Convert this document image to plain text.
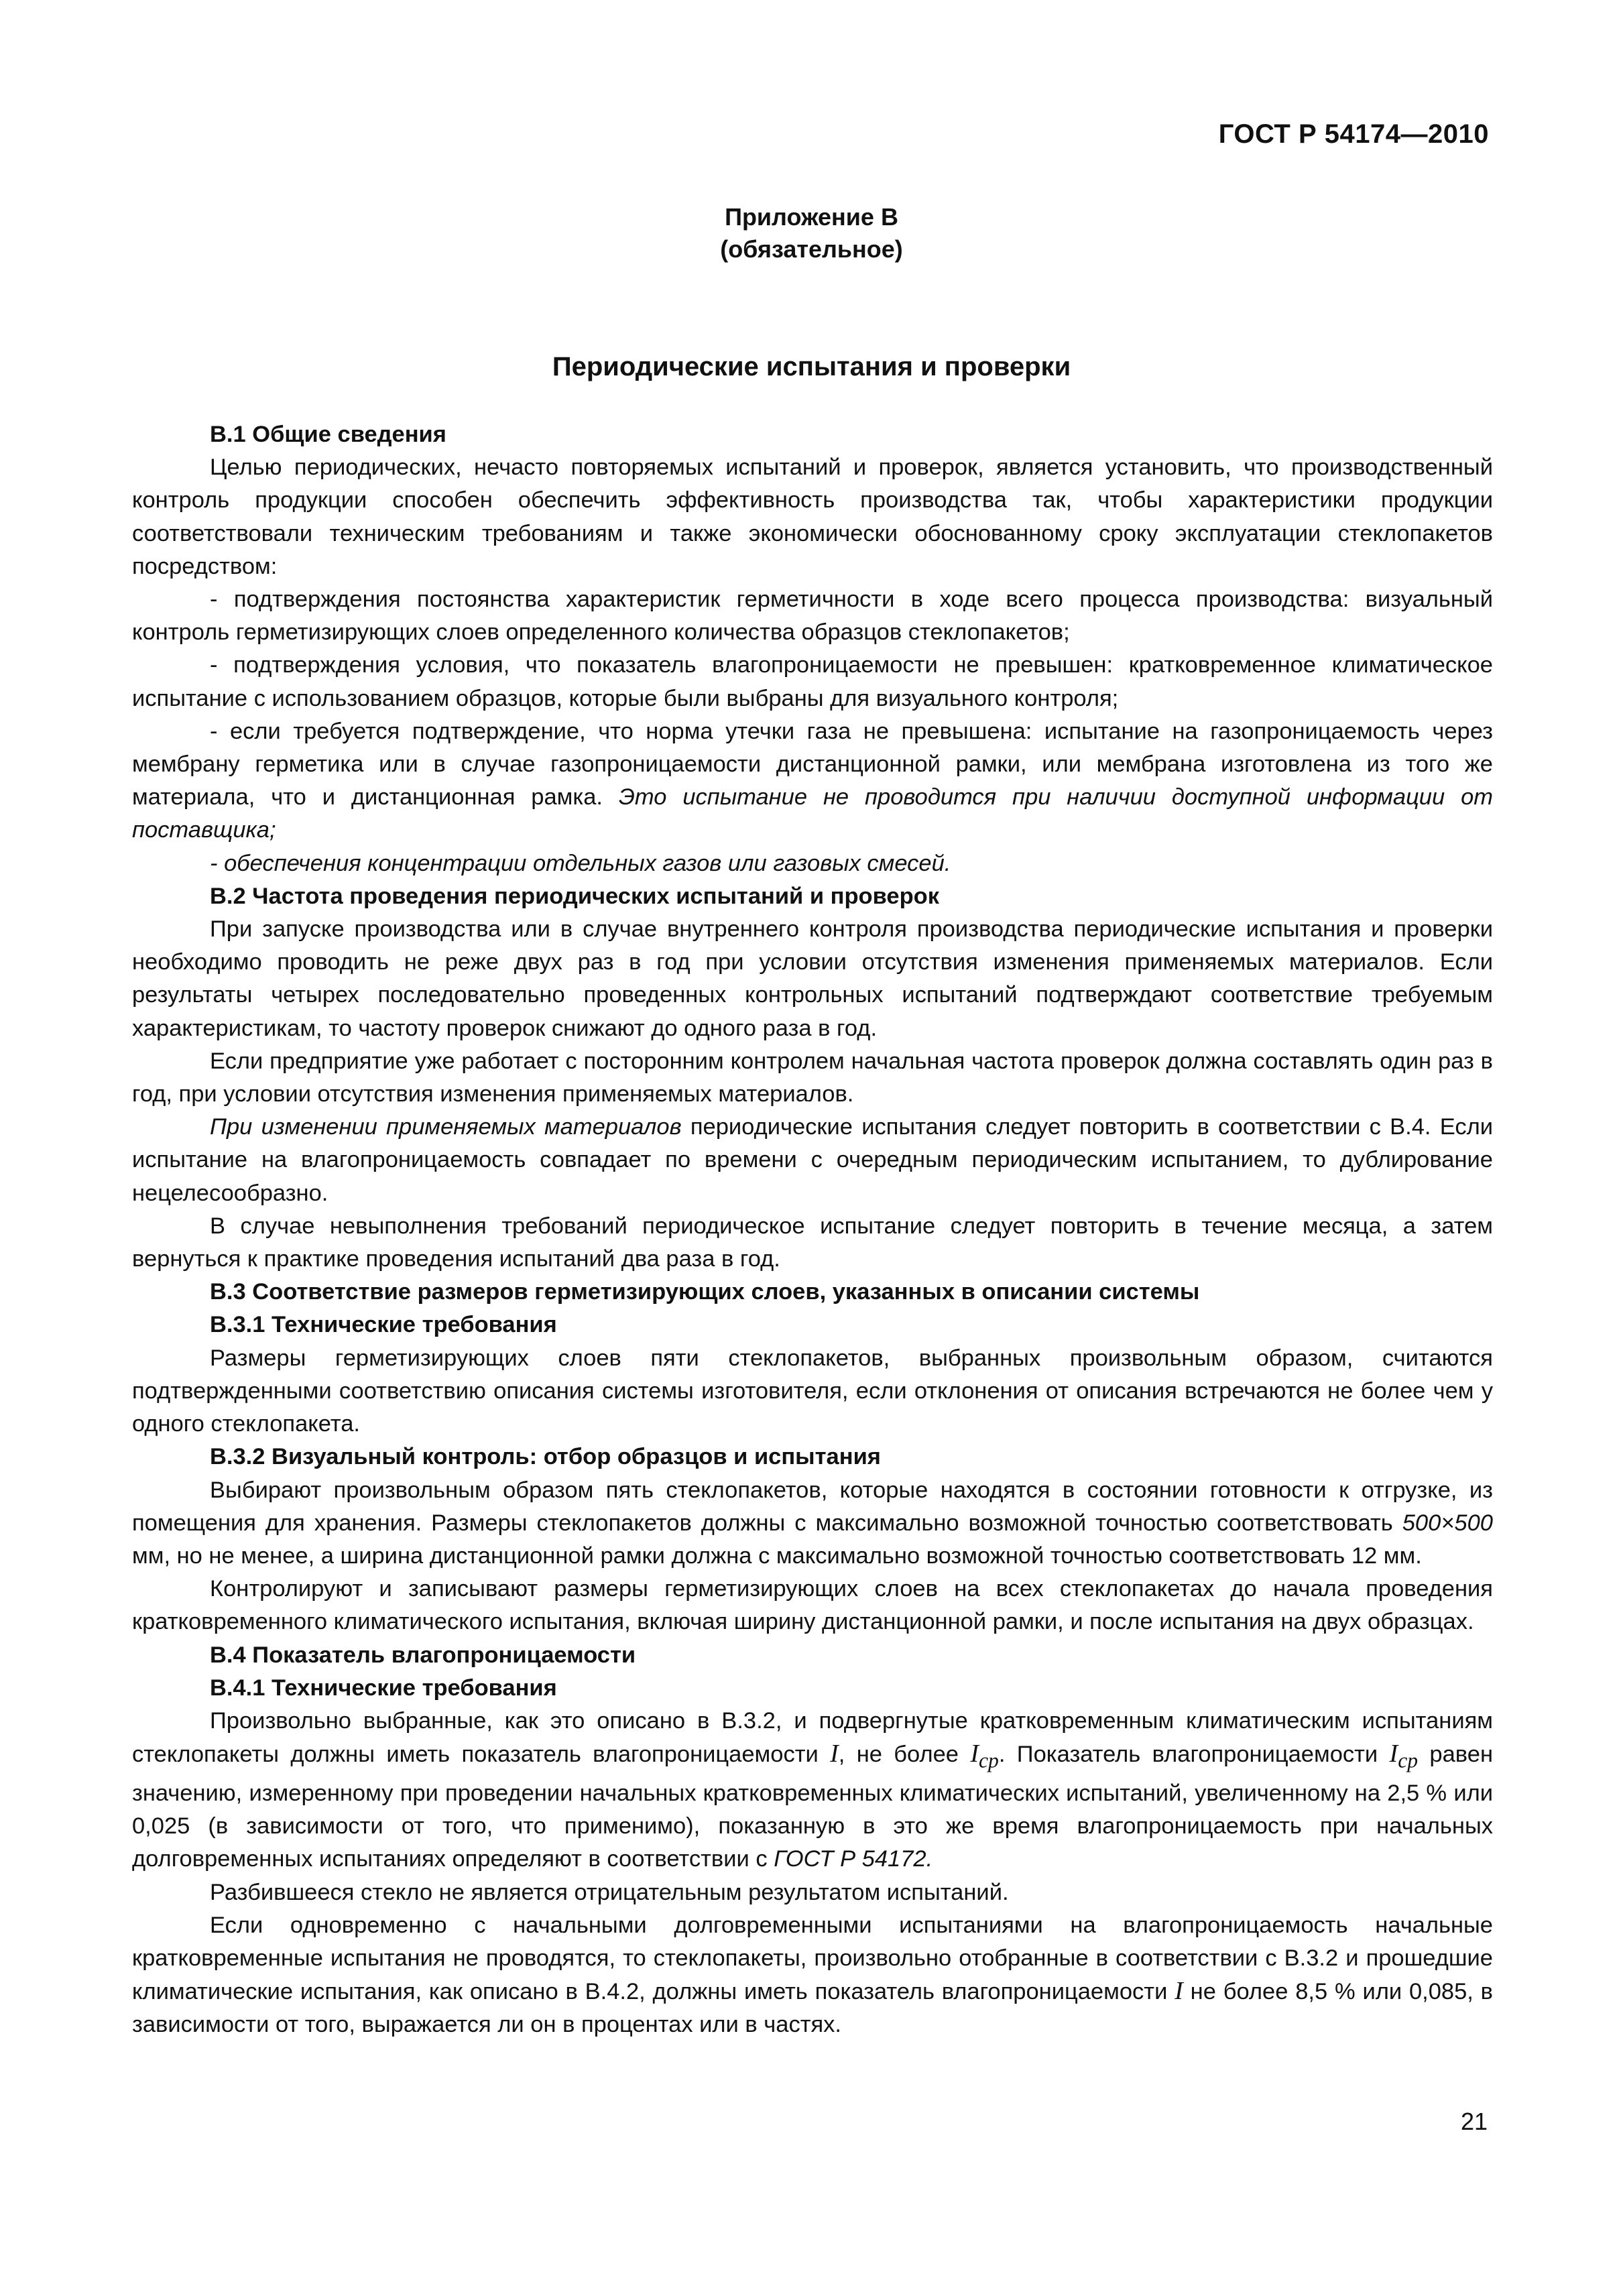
ГОСТ Р 54174—2010
Приложение В
(обязательное)
Периодические испытания и проверки

В.1 Общие сведения

Целью периодических, нечасто повторяемых испытаний и проверок, является установить, что производственный контроль продукции способен обеспечить эффективность производства так, чтобы характеристики продукции соответствовали техническим требованиям и также экономически обоснованному сроку эксплуатации стеклопакетов посредством:

- подтверждения постоянства характеристик герметичности в ходе всего процесса производства: визуальный контроль герметизирующих слоев определенного количества образцов стеклопакетов;

- подтверждения условия, что показатель влагопроницаемости не превышен: кратковременное климатическое испытание с использованием образцов, которые были выбраны для визуального контроля;

- если требуется подтверждение, что норма утечки газа не превышена: испытание на газопроницаемость через мембрану герметика или в случае газопроницаемости дистанционной рамки, или мембрана изготовлена из того же материала, что и дистанционная рамка. Это испытание не проводится при наличии доступной информации от поставщика;

- обеспечения концентрации отдельных газов или газовых смесей.

В.2 Частота проведения периодических испытаний и проверок

При запуске производства или в случае внутреннего контроля производства периодические испытания и проверки необходимо проводить не реже двух раз в год при условии отсутствия изменения применяемых материалов. Если результаты четырех последовательно проведенных контрольных испытаний подтверждают соответствие требуемым характеристикам, то частоту проверок снижают до одного раза в год.

Если предприятие уже работает с посторонним контролем начальная частота проверок должна составлять один раз в год, при условии отсутствия изменения применяемых материалов.

При изменении применяемых материалов периодические испытания следует повторить в соответствии с В.4. Если испытание на влагопроницаемость совпадает по времени с очередным периодическим испытанием, то дублирование нецелесообразно.

В случае невыполнения требований периодическое испытание следует повторить в течение месяца, а затем вернуться к практике проведения испытаний два раза в год.

В.3 Соответствие размеров герметизирующих слоев, указанных в описании системы

В.3.1 Технические требования

Размеры герметизирующих слоев пяти стеклопакетов, выбранных произвольным образом, считаются подтвержденными соответствию описания системы изготовителя, если отклонения от описания встречаются не более чем у одного стеклопакета.

В.3.2 Визуальный контроль: отбор образцов и испытания

Выбирают произвольным образом пять стеклопакетов, которые находятся в состоянии готовности к отгрузке, из помещения для хранения. Размеры стеклопакетов должны с максимально возможной точностью соответствовать 500×500 мм, но не менее, а ширина дистанционной рамки должна с максимально возможной точностью соответствовать 12 мм.

Контролируют и записывают размеры герметизирующих слоев на всех стеклопакетах до начала проведения кратковременного климатического испытания, включая ширину дистанционной рамки, и после испытания на двух образцах.

В.4 Показатель влагопроницаемости

В.4.1 Технические требования

Произвольно выбранные, как это описано в В.3.2, и подвергнутые кратковременным климатическим испытаниям стеклопакеты должны иметь показатель влагопроницаемости I, не более $I_{cp}$. Показатель влагопроницаемости $I_{cp}$ равен значению, измеренному при проведении начальных кратковременных климатических испытаний, увеличенному на 2,5 % или 0,025 (в зависимости от того, что применимо), показанную в это же время влагопроницаемость при начальных долговременных испытаниях определяют в соответствии с ГОСТ Р 54172.

Разбившееся стекло не является отрицательным результатом испытаний.

Если одновременно с начальными долговременными испытаниями на влагопроницаемость начальные кратковременные испытания не проводятся, то стеклопакеты, произвольно отобранные в соответствии с В.3.2 и прошедшие климатические испытания, как описано в В.4.2, должны иметь показатель влагопроницаемости I не более 8,5 % или 0,085, в зависимости от того, выражается ли он в процентах или в частях.

21
